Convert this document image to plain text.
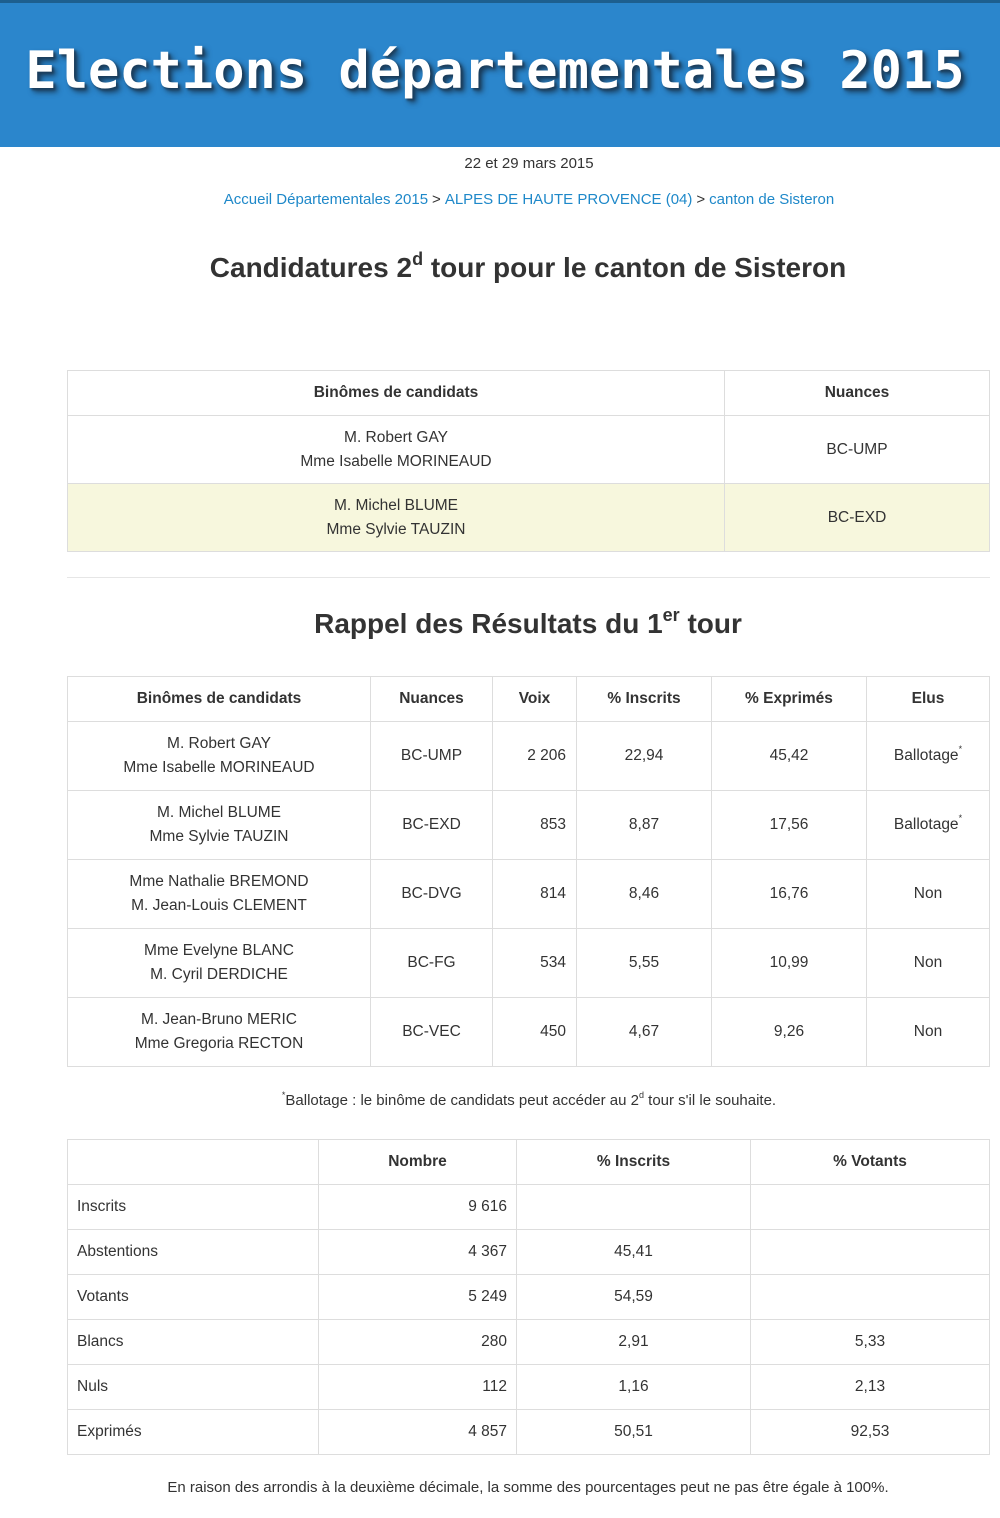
Elections départementales 2015
22 et 29 mars 2015
Accueil Départementales 2015 > ALPES DE HAUTE PROVENCE (04) > canton de Sisteron
Candidatures 2$^d$ tour pour le canton de Sisteron
Binômes de candidats	Nuances

M. Robert GAY
Mme Isabelle MORINEAUD	BC-UMP

M. Michel BLUME
Mme Sylvie TAUZIN	BC-EXD
Rappel des Résultats du 1er tour
Binômes de candidats	Nuances	Voix	% Inscrits	% Exprimés	Elus

M. Robert GAY
Mme Isabelle MORINEAUD	BC-UMP	2 206	22,94	45,42	Ballotage*

M. Michel BLUME
Mme Sylvie TAUZIN	BC-EXD	853	8,87	17,56	Ballotage*

Mme Nathalie BREMOND
M. Jean-Louis CLEMENT	BC-DVG	814	8,46	16,76	Non

Mme Evelyne BLANC
M. Cyril DERDICHE	BC-FG	534	5,55	10,99	Non

M. Jean-Bruno MERIC
Mme Gregoria RECTON	BC-VEC	450	4,67	9,26	Non
*Ballotage : le binôme de candidats peut accéder au 2$^d$ tour s'il le souhaite.
	Nombre	% Inscrits	% Votants
Inscrits	9 616		
Abstentions	4 367	45,41	
Votants	5 249	54,59	
Blancs	280	2,91	5,33
Nuls	112	1,16	2,13
Exprimés	4 857	50,51	92,53
En raison des arrondis à la deuxième décimale, la somme des pourcentages peut ne pas être égale à 100%.
